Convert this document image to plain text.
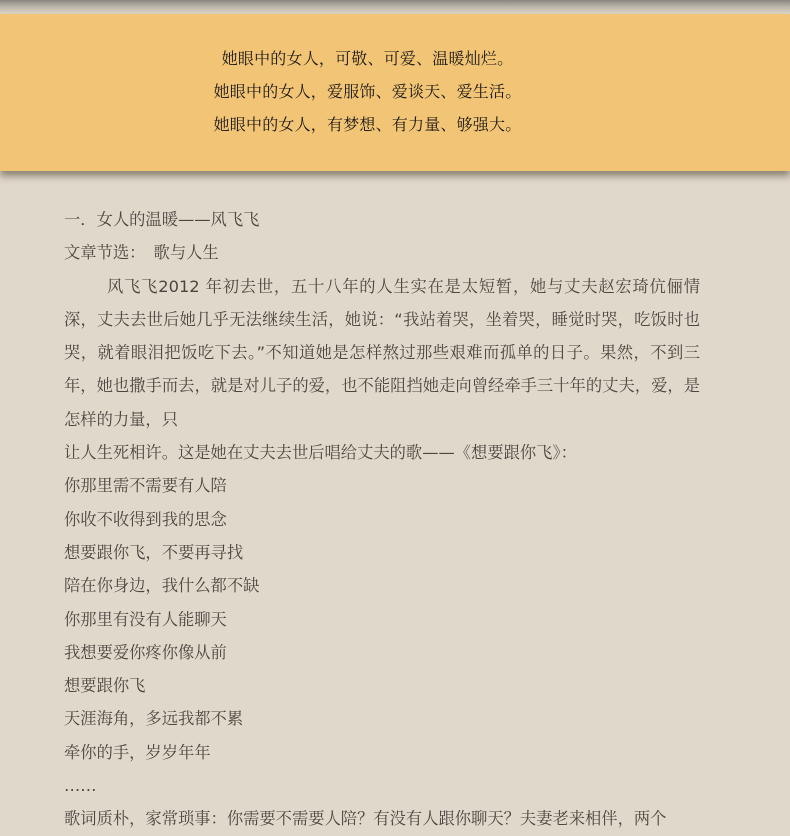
她眼中的女人，可敬、可爱、温暖灿烂。
她眼中的女人，爱服饰、爱谈天、爱生活。
她眼中的女人，有梦想、有力量、够强大。
一．女人的温暖——风飞飞
文章节选：　歌与人生
风飞飞2012 年初去世，五十八年的人生实在是太短暂，她与丈夫赵宏琦伉俪情深，丈夫去世后她几乎无法继续生活，她说：“我站着哭，坐着哭，睡觉时哭，吃饭时也哭，就着眼泪把饭吃下去。”不知道她是怎样熬过那些艰难而孤单的日子。果然，不到三年，她也撒手而去，就是对儿子的爱，也不能阻挡她走向曾经牵手三十年的丈夫，爱，是怎样的力量，只
让人生死相许。这是她在丈夫去世后唱给丈夫的歌——《想要跟你飞》：
你那里需不需要有人陪
你收不收得到我的思念
想要跟你飞，不要再寻找
陪在你身边，我什么都不缺
你那里有没有人能聊天
我想要爱你疼你像从前
想要跟你飞
天涯海角，多远我都不累
牵你的手，岁岁年年
……
歌词质朴，家常琐事：你需要不需要人陪？有没有人跟你聊天？夫妻老来相伴，两个
